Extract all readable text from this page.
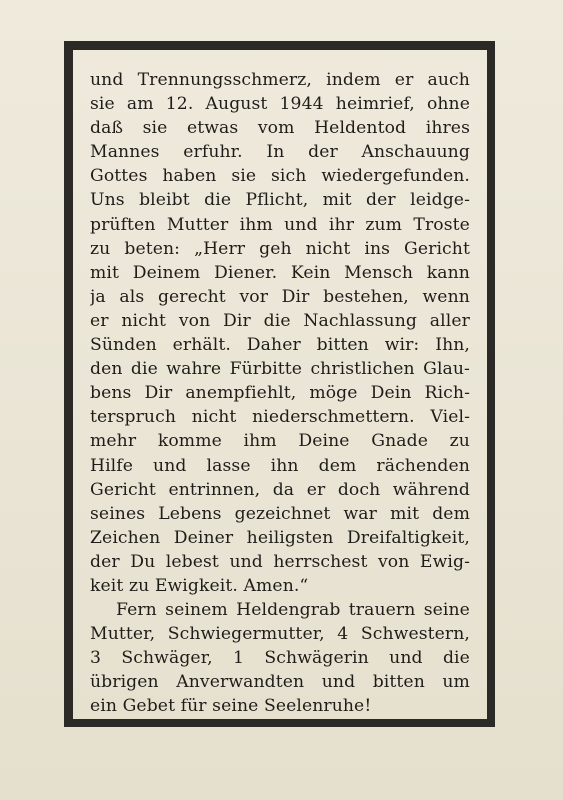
und Trennungsschmerz, indem er auch
sie am 12. August 1944 heimrief, ohne
daß sie etwas vom Heldentod ihres
Mannes erfuhr. In der Anschauung
Gottes haben sie sich wiedergefunden.
Uns bleibt die Pflicht, mit der leidge-
prüften Mutter ihm und ihr zum Troste
zu beten: „Herr geh nicht ins Gericht
mit Deinem Diener. Kein Mensch kann
ja als gerecht vor Dir bestehen, wenn
er nicht von Dir die Nachlassung aller
Sünden erhält. Daher bitten wir: Ihn,
den die wahre Fürbitte christlichen Glau-
bens Dir anempfiehlt, möge Dein Rich-
terspruch nicht niederschmettern. Viel-
mehr komme ihm Deine Gnade zu
Hilfe und lasse ihn dem rächenden
Gericht entrinnen, da er doch während
seines Lebens gezeichnet war mit dem
Zeichen Deiner heiligsten Dreifaltigkeit,
der Du lebest und herrschest von Ewig-
keit zu Ewigkeit. Amen.“
Fern seinem Heldengrab trauern seine
Mutter, Schwiegermutter, 4 Schwestern,
3 Schwäger, 1 Schwägerin und die
übrigen Anverwandten und bitten um
ein Gebet für seine Seelenruhe!
